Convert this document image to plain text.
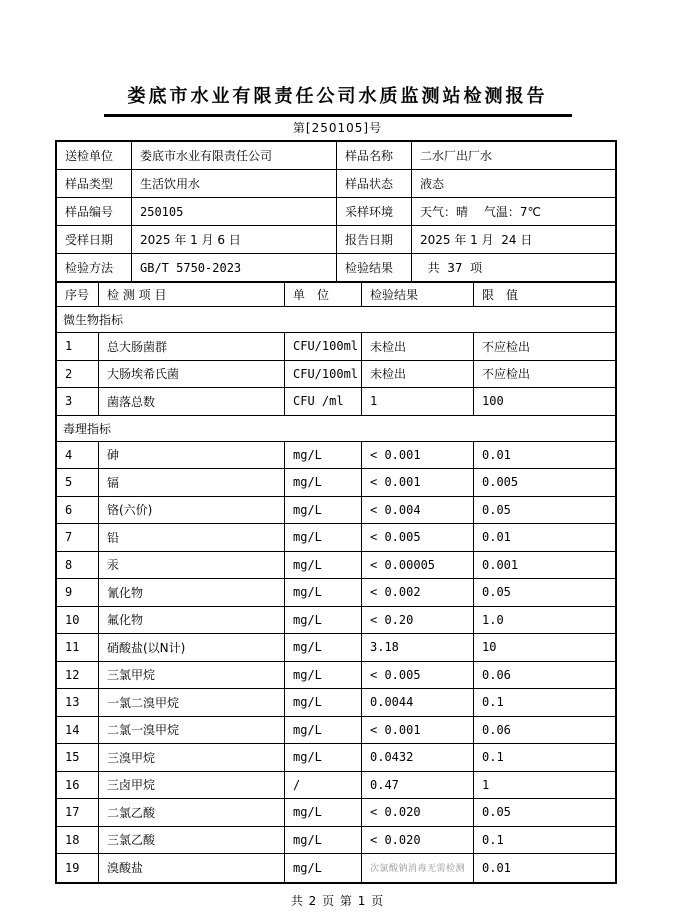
娄底市水业有限责任公司水质监测站检测报告
第[250105]号
送检单位	娄底市水业有限责任公司	样品名称	二水厂出厂水
样品类型	生活饮用水	样品状态	液态
样品编号	250105	采样环境	天气：晴　 气温：7℃
受样日期	2025 年 1 月 6 日	报告日期	2025 年 1 月  24 日
检验方法	GB/T 5750-2023	检验结果	共  37  项
序号	检 测 项 目	单　位	检验结果	限　值
微生物指标
1	总大肠菌群	CFU/100ml 未检出	不应检出
2	大肠埃希氏菌	CFU/100ml 未检出	不应检出
3	菌落总数	CFU /ml	1	100
毒理指标
4	砷	mg/L	< 0.001	0.01
5	镉	mg/L	< 0.001	0.005
6	铬(六价)	mg/L	< 0.004	0.05
7	铅	mg/L	< 0.005	0.01
8	汞	mg/L	< 0.00005	0.001
9	氰化物	mg/L	< 0.002	0.05
10	氟化物	mg/L	< 0.20	1.0
11	硝酸盐(以N计)	mg/L	3.18	10
12	三氯甲烷	mg/L	< 0.005	0.06
13	一氯二溴甲烷	mg/L	0.0044	0.1
14	二氯一溴甲烷	mg/L	< 0.001	0.06
15	三溴甲烷	mg/L	0.0432	0.1
16	三卤甲烷	/	0.47	1
17	二氯乙酸	mg/L	< 0.020	0.05
18	三氯乙酸	mg/L	< 0.020	0.1
19	溴酸盐	mg/L	次氯酸钠消毒无需检测	0.01
共 2 页 第 1 页
